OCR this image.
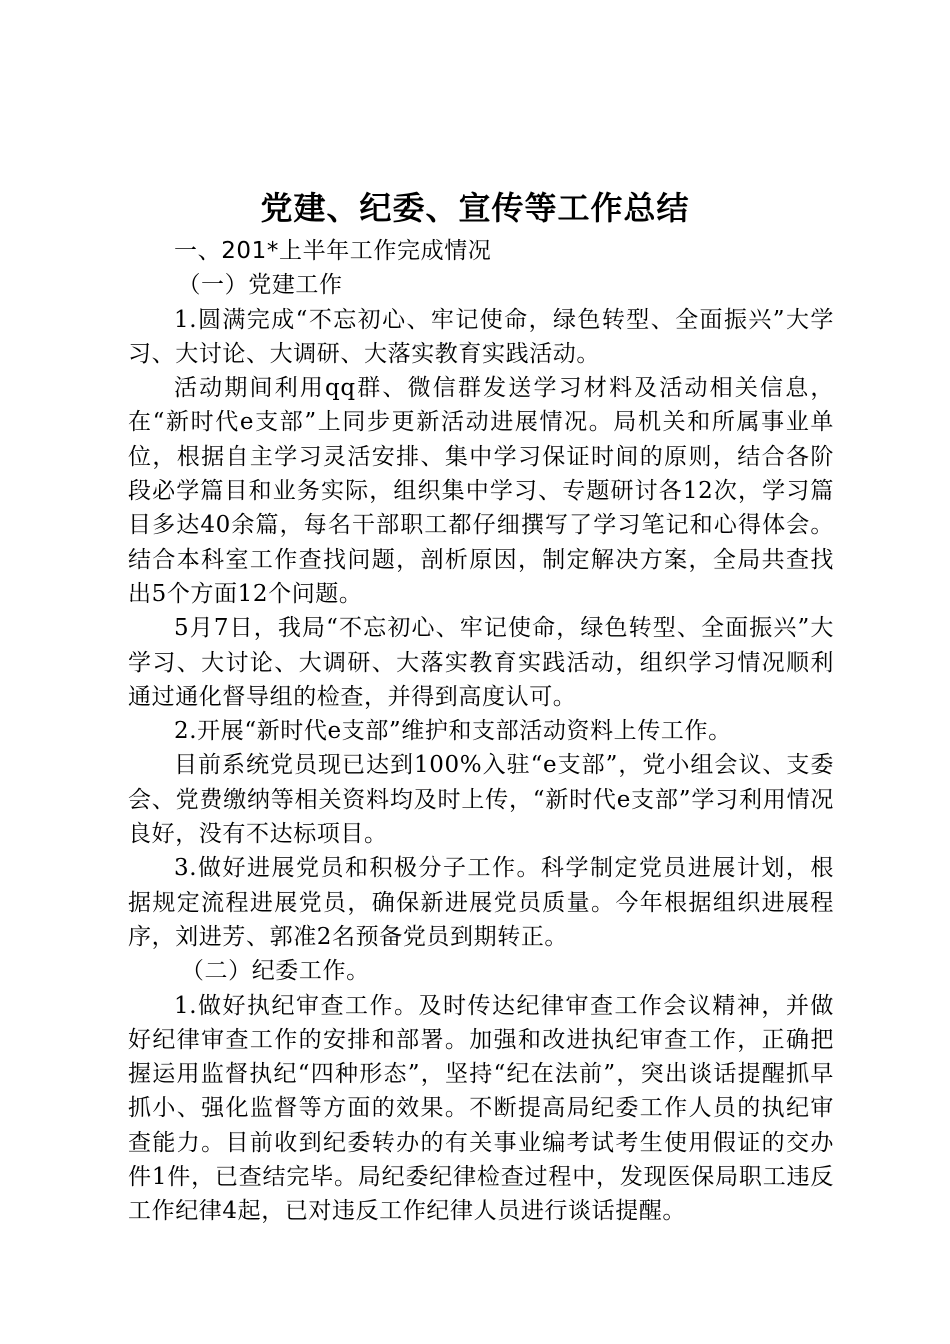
党建、纪委、宣传等工作总结

一、201*上半年工作完成情况

（一）党建工作

1.圆满完成“不忘初心、牢记使命，绿色转型、全面振兴”大学习、大讨论、大调研、大落实教育实践活动。

活动期间利用qq群、微信群发送学习材料及活动相关信息，在“新时代e支部”上同步更新活动进展情况。局机关和所属事业单位，根据自主学习灵活安排、集中学习保证时间的原则，结合各阶段必学篇目和业务实际，组织集中学习、专题研讨各12次，学习篇目多达40余篇，每名干部职工都仔细撰写了学习笔记和心得体会。结合本科室工作查找问题，剖析原因，制定解决方案，全局共查找出5个方面12个问题。

5月7日，我局“不忘初心、牢记使命，绿色转型、全面振兴”大学习、大讨论、大调研、大落实教育实践活动，组织学习情况顺利通过通化督导组的检查，并得到高度认可。

2.开展“新时代e支部”维护和支部活动资料上传工作。

目前系统党员现已达到100%入驻“e支部”，党小组会议、支委会、党费缴纳等相关资料均及时上传，“新时代e支部”学习利用情况良好，没有不达标项目。

3.做好进展党员和积极分子工作。科学制定党员进展计划，根据规定流程进展党员，确保新进展党员质量。今年根据组织进展程序，刘进芳、郭准2名预备党员到期转正。

（二）纪委工作。

1.做好执纪审查工作。及时传达纪律审查工作会议精神，并做好纪律审查工作的安排和部署。加强和改进执纪审查工作，正确把握运用监督执纪“四种形态”，坚持“纪在法前”，突出谈话提醒抓早抓小、强化监督等方面的效果。不断提高局纪委工作人员的执纪审查能力。目前收到纪委转办的有关事业编考试考生使用假证的交办件1件，已查结完毕。局纪委纪律检查过程中，发现医保局职工违反工作纪律4起，已对违反工作纪律人员进行谈话提醒。
